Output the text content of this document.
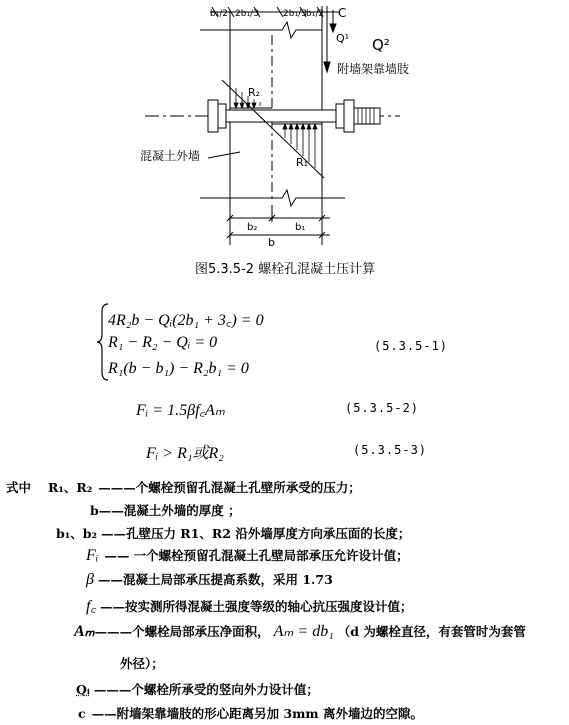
b₁/2 2b₁/3	2b₁/3 b₁/2 C
Q¹ Q²
附墙架靠墙肢
R₂
R₁
混凝土外墙
b₂	b₁
b
图5.3.5-2 螺栓孔混凝土压计算
4R₂b − Qᵢ(2b₁ + 3꜀) = 0
R₁ − R₂ − Qᵢ = 0
R₁(b − b₁) − R₂b₁ = 0
(5.3.5-1)
Fᵢ = 1.5βf꜀Aₘ	(5.3.5-2)
Fᵢ > R₁或R₂	(5.3.5-3)
式中 R₁、R₂ ———个螺栓预留孔混凝土孔壁所承受的压力；
b——混凝土外墙的厚度 ；
b₁、b₂ ——孔壁压力 R1、R2 沿外墙厚度方向承压面的长度；
Fᵢ —— 一个螺栓预留孔混凝土孔壁局部承压允许设计值；
β ——混凝土局部承压提高系数，采用 1.73
f꜀ ——按实测所得混凝土强度等级的轴心抗压强度设计值；
Aₘ———个螺栓局部承压净面积， Aₘ = db₁ （d 为螺栓直径，有套管时为套管
外径）；
Qᵢ ———个螺栓所承受的竖向外力设计值；
c ——附墙架靠墙肢的形心距离另加 3mm 离外墙边的空隙。
